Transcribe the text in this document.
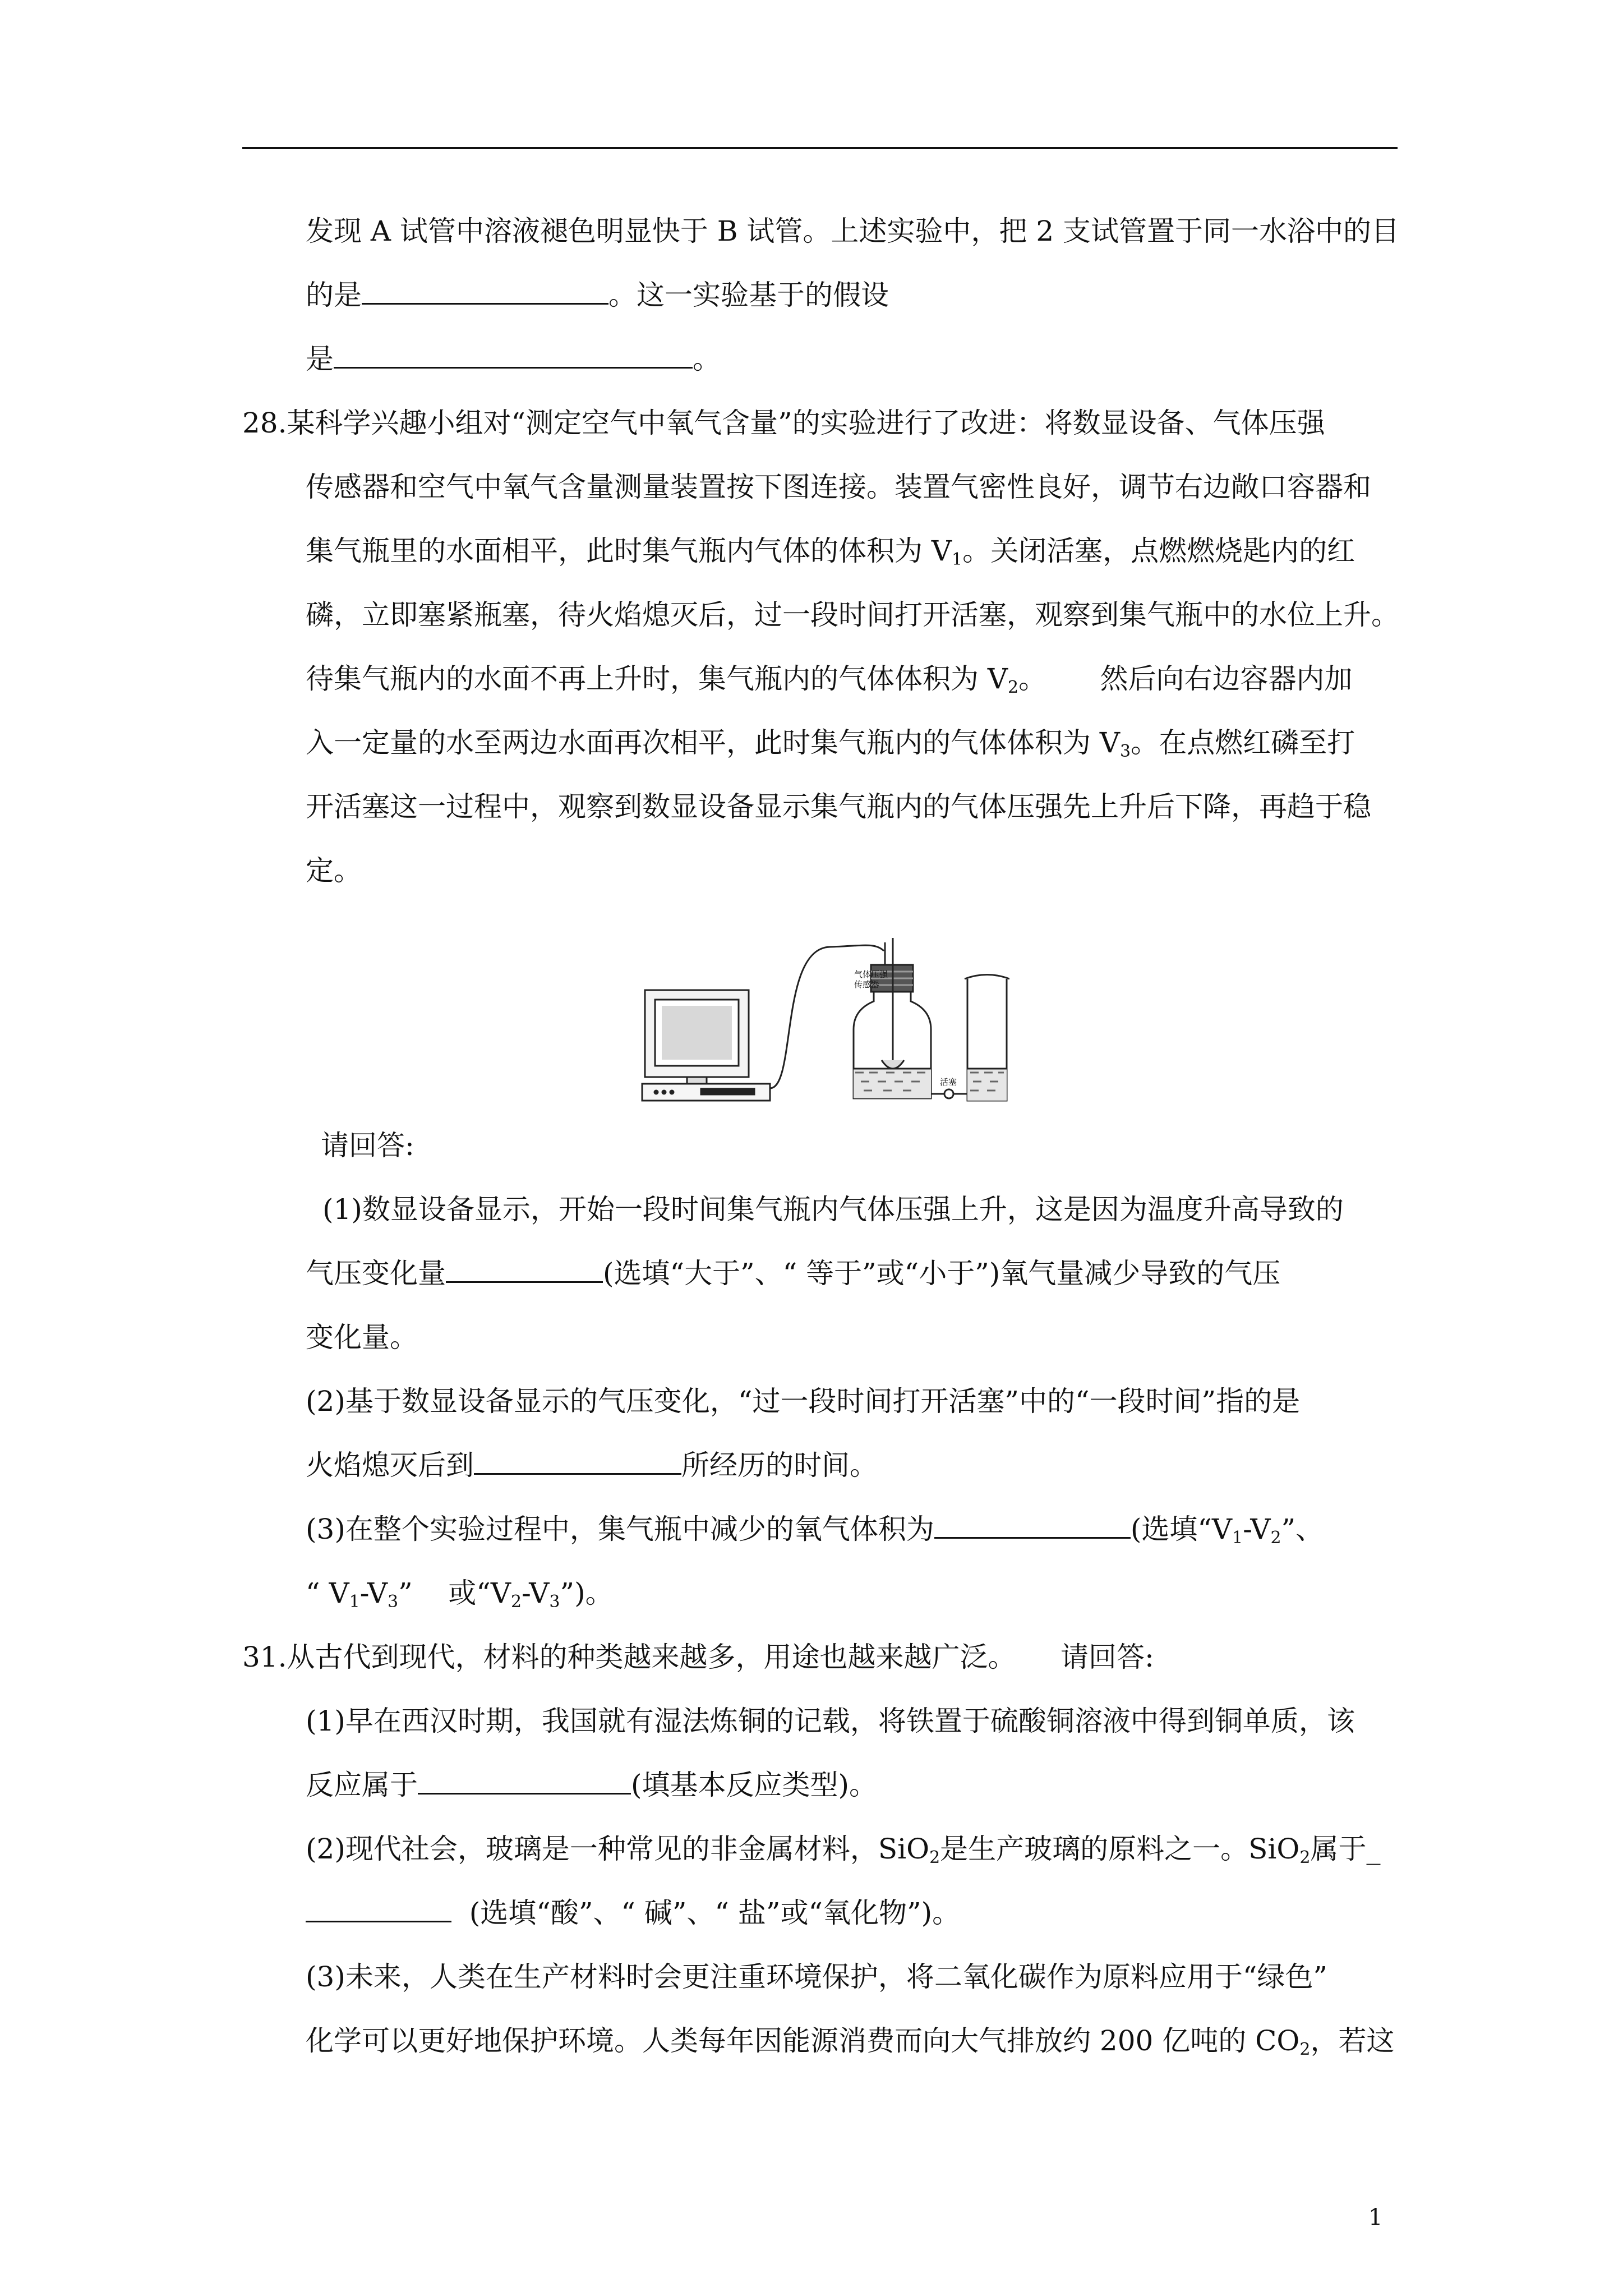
发现 A 试管中溶液褪色明显快于 B 试管。上述实验中，把 2 支试管置于同一水浴中的目
的是	。这一实验基于的假设
是	。
28.某科学兴趣小组对“测定空气中氧气含量”的实验进行了改进：将数显设备、气体压强
传感器和空气中氧气含量测量装置按下图连接。装置气密性良好，调节右边敞口容器和
集气瓶里的水面相平，此时集气瓶内气体的体积为 $V_1$。关闭活塞，点燃燃烧匙内的红
磷，立即塞紧瓶塞，待火焰熄灭后，过一段时间打开活塞，观察到集气瓶中的水位上升。
待集气瓶内的水面不再上升时，集气瓶内的气体体积为 $V_2$。      然后向右边容器内加
入一定量的水至两边水面再次相平，此时集气瓶内的气体体积为 $V_3$。在点燃红磷至打
开活塞这一过程中，观察到数显设备显示集气瓶内的气体压强先上升后下降，再趋于稳
定。
气体压强
传感器
活塞
请回答:
(1)数显设备显示，开始一段时间集气瓶内气体压强上升，这是因为温度升高导致的
气压变化量	(选填“大于”、“ 等于”或“小于”)氧气量减少导致的气压
变化量。
(2)基于数显设备显示的气压变化，“过一段时间打开活塞”中的“一段时间”指的是
火焰熄灭后到	所经历的时间。
(3)在整个实验过程中，集气瓶中减少的氧气体积为	(选填“$V_1-V_2$”、
“ $V_1-V_3$”    或“$V_2-V_3$”)。
31.从古代到现代，材料的种类越来越多，用途也越来越广泛。     请回答:
(1)早在西汉时期，我国就有湿法炼铜的记载，将铁置于硫酸铜溶液中得到铜单质，该
反应属于	(填基本反应类型)。
(2)现代社会，玻璃是一种常见的非金属材料，SiO$_2$是生产玻璃的原料之一。SiO$_2$属于_
(选填“酸”、“ 碱”、“ 盐”或“氧化物”)。
(3)未来，人类在生产材料时会更注重环境保护，将二氧化碳作为原料应用于“绿色”
化学可以更好地保护环境。人类每年因能源消费而向大气排放约 200 亿吨的 $CO_2$，若这
1
